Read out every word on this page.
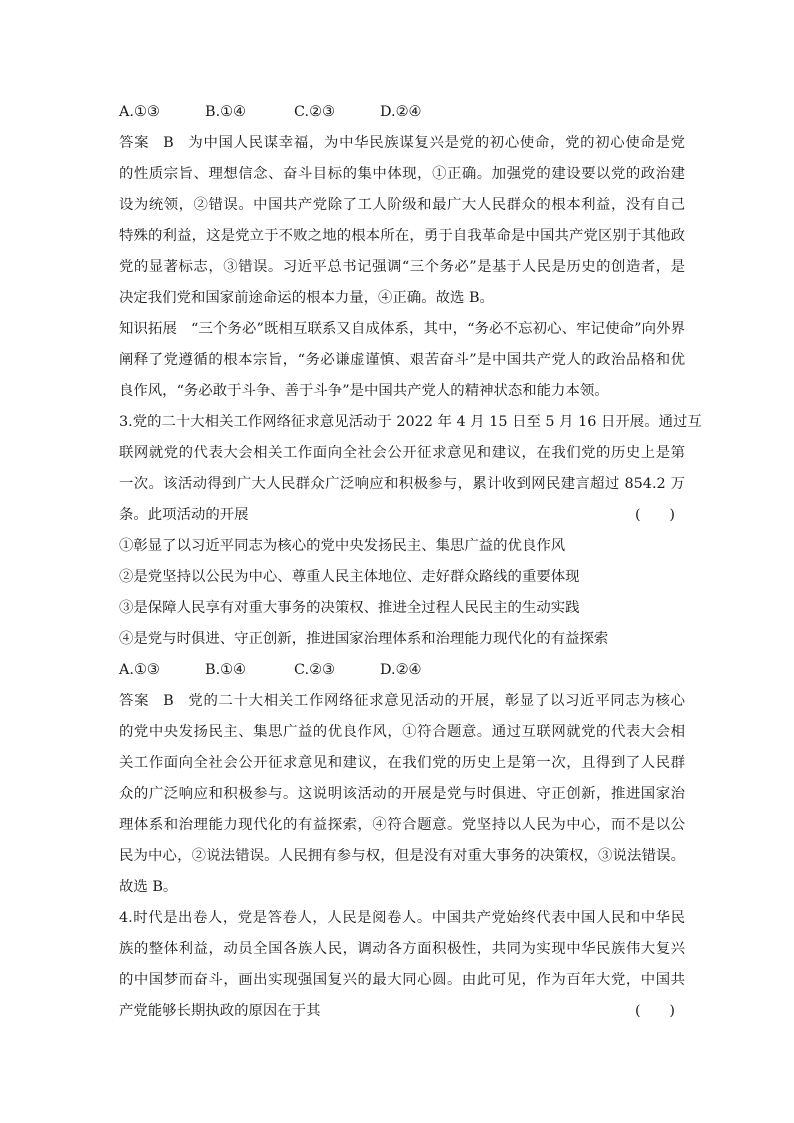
A.①③	B.①④	C.②③	D.②④
答案 B 为中国人民谋幸福，为中华民族谋复兴是党的初心使命，党的初心使命是党
的性质宗旨、理想信念、奋斗目标的集中体现，①正确。加强党的建设要以党的政治建
设为统领，②错误。中国共产党除了工人阶级和最广大人民群众的根本利益，没有自己
特殊的利益，这是党立于不败之地的根本所在，勇于自我革命是中国共产党区别于其他政
党的显著标志，③错误。习近平总书记强调“三个务必”是基于人民是历史的创造者，是
决定我们党和国家前途命运的根本力量，④正确。故选 B。
知识拓展 “三个务必”既相互联系又自成体系，其中，“务必不忘初心、牢记使命”向外界
阐释了党遵循的根本宗旨，“务必谦虚谨慎、艰苦奋斗”是中国共产党人的政治品格和优
良作风，“务必敢于斗争、善于斗争”是中国共产党人的精神状态和能力本领。
3.党的二十大相关工作网络征求意见活动于 2022 年 4 月 15 日至 5 月 16 日开展。通过互
联网就党的代表大会相关工作面向全社会公开征求意见和建议，在我们党的历史上是第
一次。该活动得到广大人民群众广泛响应和积极参与，累计收到网民建言超过 854.2 万
条。此项活动的开展	(　　)
①彰显了以习近平同志为核心的党中央发扬民主、集思广益的优良作风
②是党坚持以公民为中心、尊重人民主体地位、走好群众路线的重要体现
③是保障人民享有对重大事务的决策权、推进全过程人民民主的生动实践
④是党与时俱进、守正创新，推进国家治理体系和治理能力现代化的有益探索
A.①③	B.①④	C.②③	D.②④
答案 B 党的二十大相关工作网络征求意见活动的开展，彰显了以习近平同志为核心
的党中央发扬民主、集思广益的优良作风，①符合题意。通过互联网就党的代表大会相
关工作面向全社会公开征求意见和建议，在我们党的历史上是第一次，且得到了人民群
众的广泛响应和积极参与。这说明该活动的开展是党与时俱进、守正创新，推进国家治
理体系和治理能力现代化的有益探索，④符合题意。党坚持以人民为中心，而不是以公
民为中心，②说法错误。人民拥有参与权，但是没有对重大事务的决策权，③说法错误。
故选 B。
4.时代是出卷人，党是答卷人，人民是阅卷人。中国共产党始终代表中国人民和中华民
族的整体利益，动员全国各族人民，调动各方面积极性，共同为实现中华民族伟大复兴
的中国梦而奋斗，画出实现强国复兴的最大同心圆。由此可见，作为百年大党，中国共
产党能够长期执政的原因在于其	(　　)
